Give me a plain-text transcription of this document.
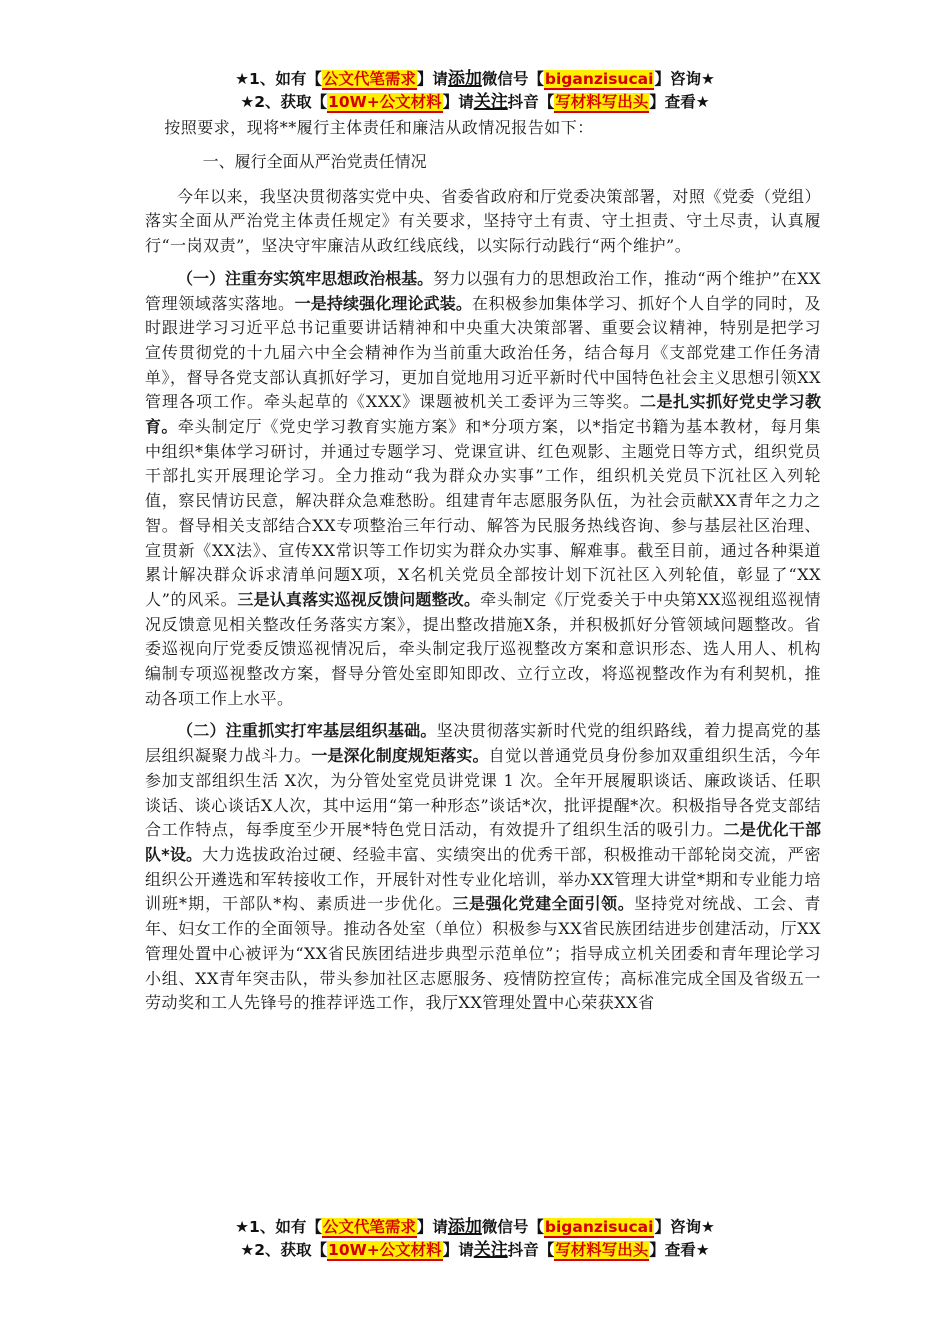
★1、如有【公文代笔需求】请添加微信号【biganzisucai】咨询★
★2、获取【10W+公文材料】请关注抖音【写材料写出头】查看★

按照要求，现将**履行主体责任和廉洁从政情况报告如下：

一、履行全面从严治党责任情况

今年以来，我坚决贯彻落实党中央、省委省政府和厅党委决策部署，对照《党委（党组）落实全面从严治党主体责任规定》有关要求，坚持守土有责、守土担责、守土尽责，认真履行“一岗双责”，坚决守牢廉洁从政红线底线，以实际行动践行“两个维护”。

（一）注重夯实筑牢思想政治根基。努力以强有力的思想政治工作，推动“两个维护”在XX管理领域落实落地。一是持续强化理论武装。在积极参加集体学习、抓好个人自学的同时，及时跟进学习习近平总书记重要讲话精神和中央重大决策部署、重要会议精神，特别是把学习宣传贯彻党的十九届六中全会精神作为当前重大政治任务，结合每月《支部党建工作任务清单》，督导各党支部认真抓好学习，更加自觉地用习近平新时代中国特色社会主义思想引领XX管理各项工作。牵头起草的《XXX》课题被机关工委评为三等奖。二是扎实抓好党史学习教育。牵头制定厅《党史学习教育实施方案》和*分项方案，以*指定书籍为基本教材，每月集中组织*集体学习研讨，并通过专题学习、党课宣讲、红色观影、主题党日等方式，组织党员干部扎实开展理论学习。全力推动“我为群众办实事”工作，组织机关党员下沉社区入列轮值，察民情访民意，解决群众急难愁盼。组建青年志愿服务队伍，为社会贡献XX青年之力之智。督导相关支部结合XX专项整治三年行动、解答为民服务热线咨询、参与基层社区治理、宣贯新《XX法》、宣传XX常识等工作切实为群众办实事、解难事。截至目前，通过各种渠道累计解决群众诉求清单问题X项，X名机关党员全部按计划下沉社区入列轮值，彰显了“XX人”的风采。三是认真落实巡视反馈问题整改。牵头制定《厅党委关于中央第XX巡视组巡视情况反馈意见相关整改任务落实方案》，提出整改措施X条，并积极抓好分管领域问题整改。省委巡视向厅党委反馈巡视情况后，牵头制定我厅巡视整改方案和意识形态、选人用人、机构编制专项巡视整改方案，督导分管处室即知即改、立行立改，将巡视整改作为有利契机，推动各项工作上水平。

（二）注重抓实打牢基层组织基础。坚决贯彻落实新时代党的组织路线，着力提高党的基层组织凝聚力战斗力。一是深化制度规矩落实。自觉以普通党员身份参加双重组织生活，今年参加支部组织生活 X次，为分管处室党员讲党课 1 次。全年开展履职谈话、廉政谈话、任职谈话、谈心谈话X人次，其中运用“第一种形态”谈话*次，批评提醒*次。积极指导各党支部结合工作特点，每季度至少开展*特色党日活动，有效提升了组织生活的吸引力。二是优化干部队*设。大力选拔政治过硬、经验丰富、实绩突出的优秀干部，积极推动干部轮岗交流，严密组织公开遴选和军转接收工作，开展针对性专业化培训，举办XX管理大讲堂*期和专业能力培训班*期，干部队*构、素质进一步优化。三是强化党建全面引领。坚持党对统战、工会、青年、妇女工作的全面领导。推动各处室（单位）积极参与XX省民族团结进步创建活动，厅XX管理处置中心被评为“XX省民族团结进步典型示范单位”；指导成立机关团委和青年理论学习小组、XX青年突击队，带头参加社区志愿服务、疫情防控宣传；高标准完成全国及省级五一劳动奖和工人先锋号的推荐评选工作，我厅XX管理处置中心荣获XX省

★1、如有【公文代笔需求】请添加微信号【biganzisucai】咨询★
★2、获取【10W+公文材料】请关注抖音【写材料写出头】查看★
